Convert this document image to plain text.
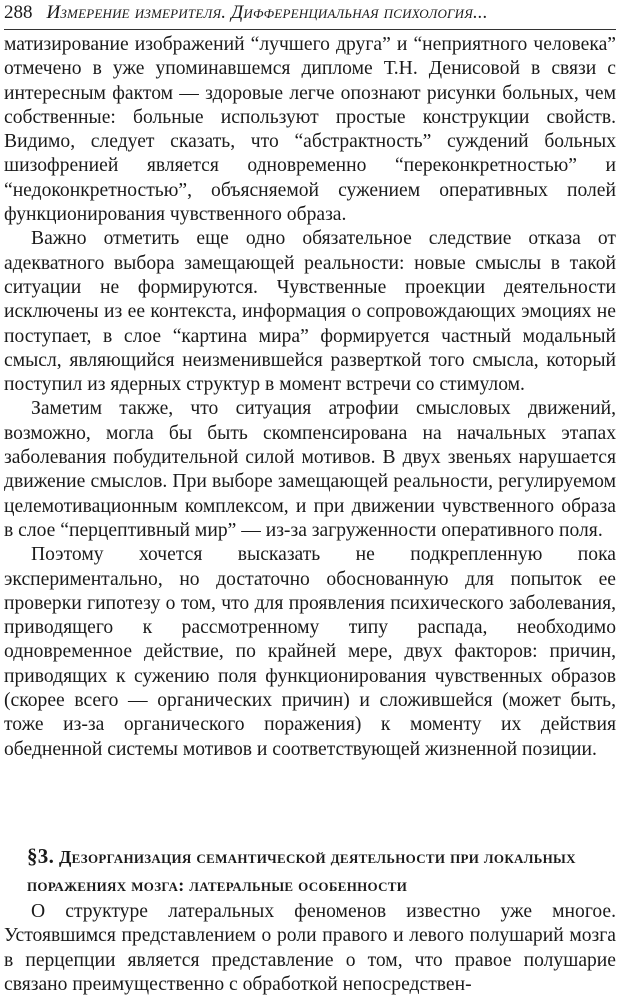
288 Измерение измерителя. Дифференциальная психология...

матизирование изображений “лучшего друга” и “неприятного человека” отмечено в уже упоминавшемся дипломе Т.Н. Денисовой в связи с интересным фактом — здоровые легче опознают рисунки больных, чем собственные: больные используют простые конструкции свойств. Видимо, следует сказать, что “абстрактность” суждений больных шизофренией является одновременно “переконкретностью” и “недоконкретностью”, объясняемой сужением оперативных полей функционирования чувственного образа.

Важно отметить еще одно обязательное следствие отказа от адекватного выбора замещающей реальности: новые смыслы в такой ситуации не формируются. Чувственные проекции деятельности исключены из ее контекста, информация о сопровождающих эмоциях не поступает, в слое “картина мира” формируется частный модальный смысл, являющийся неизменившейся разверткой того смысла, который поступил из ядерных структур в момент встречи со стимулом.

Заметим также, что ситуация атрофии смысловых движений, возможно, могла бы быть скомпенсирована на начальных этапах заболевания побудительной силой мотивов. В двух звеньях нарушается движение смыслов. При выборе замещающей реальности, регулируемом целемотивационным комплексом, и при движении чувственного образа в слое “перцептивный мир” — из-за загруженности оперативного поля.

Поэтому хочется высказать не подкрепленную пока экспериментально, но достаточно обоснованную для попыток ее проверки гипотезу о том, что для проявления психического заболевания, приводящего к рассмотренному типу распада, необходимо одновременное действие, по крайней мере, двух факторов: причин, приводящих к сужению поля функционирования чувственных образов (скорее всего — органических причин) и сложившейся (может быть, тоже из-за органического поражения) к моменту их действия обедненной системы мотивов и соответствующей жизненной позиции.

§3. Дезорганизация семантической деятельности при локальных поражениях мозга: латеральные особенности

О структуре латеральных феноменов известно уже многое. Устоявшимся представлением о роли правого и левого полушарий мозга в перцепции является представление о том, что правое полушарие связано преимущественно с обработкой непосредствен-
